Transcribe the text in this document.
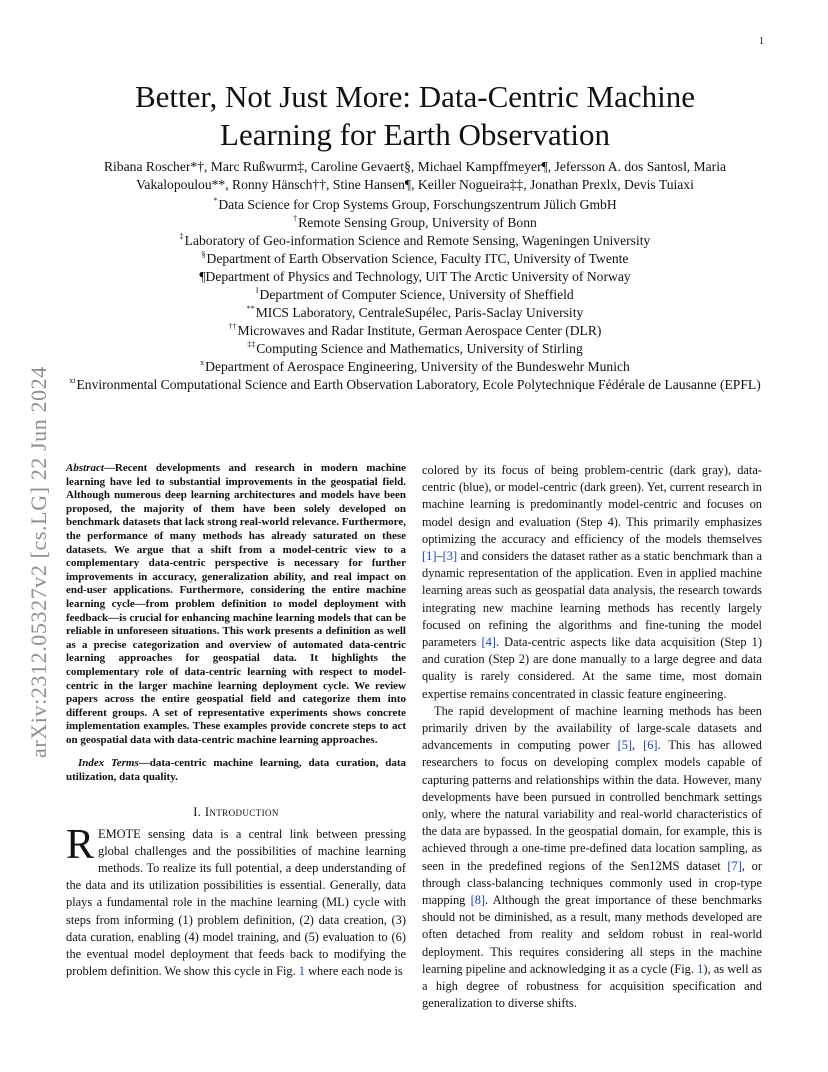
1
arXiv:2312.05327v2 [cs.LG] 22 Jun 2024
Better, Not Just More: Data-Centric Machine
Learning for Earth Observation
Ribana Roscher*†, Marc Rußwurm‡, Caroline Gevaert§, Michael Kampffmeyer¶, Jefersson A. dos Santos‖, Maria
Vakalopoulou**, Ronny Hänsch††, Stine Hansen¶, Keiller Nogueira‡‡, Jonathan Prexlx, Devis Tuiaxi
*Data Science for Crop Systems Group, Forschungszentrum Jülich GmbH
†Remote Sensing Group, University of Bonn
‡Laboratory of Geo-information Science and Remote Sensing, Wageningen University
§Department of Earth Observation Science, Faculty ITC, University of Twente
¶Department of Physics and Technology, UiT The Arctic University of Norway
‖Department of Computer Science, University of Sheffield
**MICS Laboratory, CentraleSupélec, Paris-Saclay University
††Microwaves and Radar Institute, German Aerospace Center (DLR)
‡‡Computing Science and Mathematics, University of Stirling
$^x$Department of Aerospace Engineering, University of the Bundeswehr Munich
$^{xi}$Environmental Computational Science and Earth Observation Laboratory, Ecole Polytechnique Fédérale de Lausanne (EPFL)

Abstract—Recent developments and research in modern machine learning have led to substantial improvements in the geospatial field. Although numerous deep learning architectures and models have been proposed, the majority of them have been solely developed on benchmark datasets that lack strong real-world relevance. Furthermore, the performance of many methods has already saturated on these datasets. We argue that a shift from a model-centric view to a complementary data-centric perspective is necessary for further improvements in accuracy, generalization ability, and real impact on end-user applications. Furthermore, considering the entire machine learning cycle—from problem definition to model deployment with feedback—is crucial for enhancing machine learning models that can be reliable in unforeseen situations. This work presents a definition as well as a precise categorization and overview of automated data-centric learning approaches for geospatial data. It highlights the complementary role of data-centric learning with respect to model-centric in the larger machine learning deployment cycle. We review papers across the entire geospatial field and categorize them into different groups. A set of representative experiments shows concrete implementation examples. These examples provide concrete steps to act on geospatial data with data-centric machine learning approaches.

Index Terms—data-centric machine learning, data curation, data utilization, data quality.

I. Introduction

REMOTE sensing data is a central link between pressing global challenges and the possibilities of machine learning methods. To realize its full potential, a deep understanding of the data and its utilization possibilities is essential. Generally, data plays a fundamental role in the machine learning (ML) cycle with steps from informing (1) problem definition, (2) data creation, (3) data curation, enabling (4) model training, and (5) evaluation to (6) the eventual model deployment that feeds back to modifying the problem definition. We show this cycle in Fig. 1 where each node is

colored by its focus of being problem-centric (dark gray), data-centric (blue), or model-centric (dark green). Yet, current research in machine learning is predominantly model-centric and focuses on model design and evaluation (Step 4). This primarily emphasizes optimizing the accuracy and efficiency of the models themselves [1]–[3] and considers the dataset rather as a static benchmark than a dynamic representation of the application. Even in applied machine learning areas such as geospatial data analysis, the research towards integrating new machine learning methods has recently largely focused on refining the algorithms and fine-tuning the model parameters [4]. Data-centric aspects like data acquisition (Step 1) and curation (Step 2) are done manually to a large degree and data quality is rarely considered. At the same time, most domain expertise remains concentrated in classic feature engineering.

The rapid development of machine learning methods has been primarily driven by the availability of large-scale datasets and advancements in computing power [5], [6]. This has allowed researchers to focus on developing complex models capable of capturing patterns and relationships within the data. However, many developments have been pursued in controlled benchmark settings only, where the natural variability and real-world characteristics of the data are bypassed. In the geospatial domain, for example, this is achieved through a one-time pre-defined data location sampling, as seen in the predefined regions of the Sen12MS dataset [7], or through class-balancing techniques commonly used in crop-type mapping [8]. Although the great importance of these benchmarks should not be diminished, as a result, many methods developed are often detached from reality and seldom robust in real-world deployment. This requires considering all steps in the machine learning pipeline and acknowledging it as a cycle (Fig. 1), as well as a high degree of robustness for acquisition specification and generalization to diverse shifts.
